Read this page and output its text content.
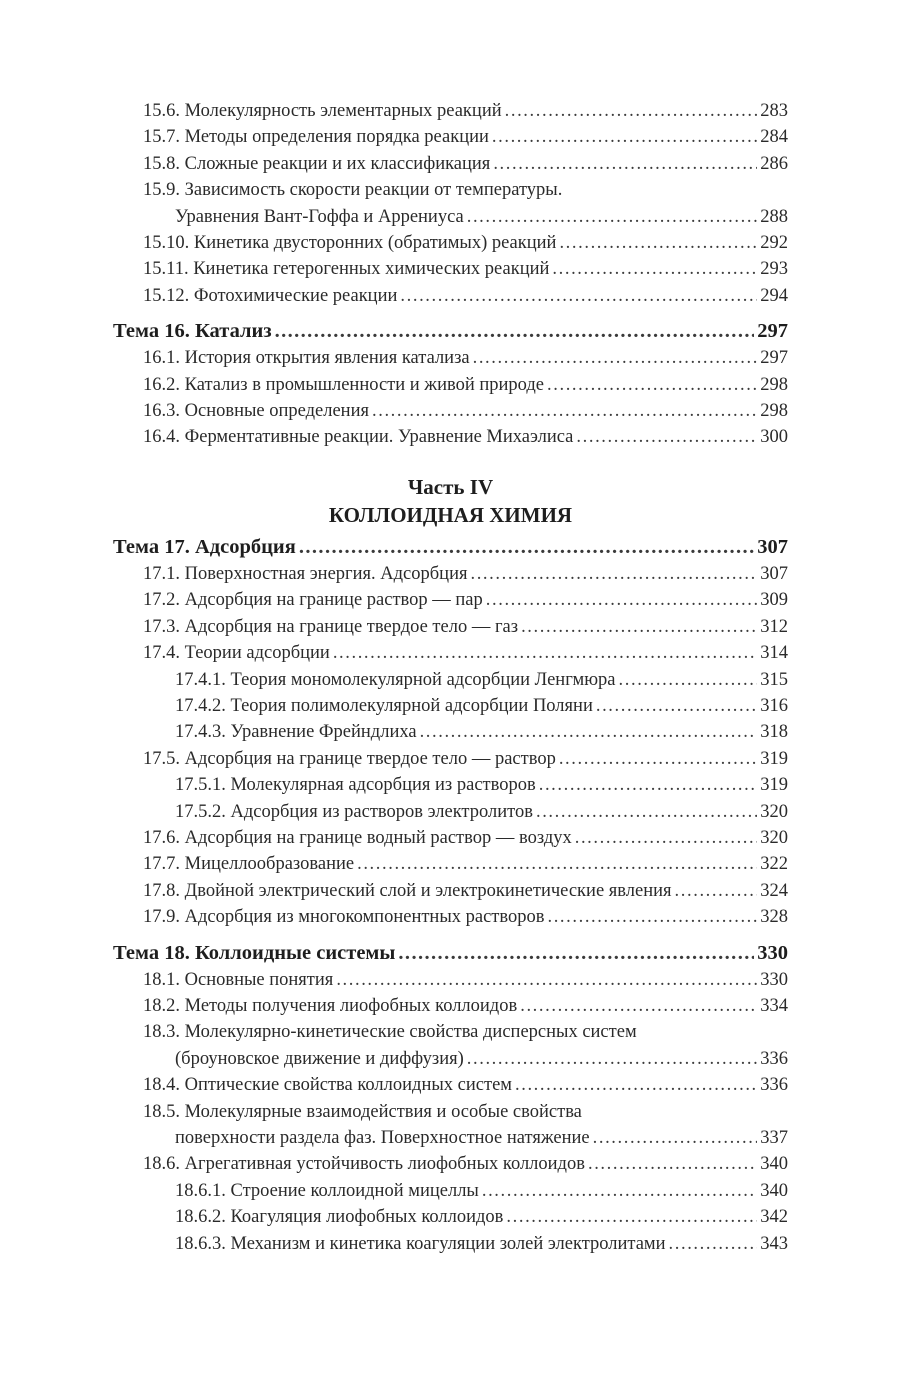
15.6. Молекулярность элементарных реакций .....	283
15.7. Методы определения порядка реакции .....	284
15.8. Сложные реакции и их классификация .....	286
15.9. Зависимость скорости реакции от температуры.
Уравнения Вант-Гоффа и Аррениуса .....	288
15.10. Кинетика двусторонних (обратимых) реакций .....	292
15.11. Кинетика гетерогенных химических реакций .....	293
15.12. Фотохимические реакции .....	294
Тема 16. Катализ .....	297
16.1. История открытия явления катализа .....	297
16.2. Катализ в промышленности и живой природе .....	298
16.3. Основные определения .....	298
16.4. Ферментативные реакции. Уравнение Михаэлиса .....	300
Часть IV
КОЛЛОИДНАЯ ХИМИЯ
Тема 17. Адсорбция .....	307
17.1. Поверхностная энергия. Адсорбция .....	307
17.2. Адсорбция на границе раствор — пар .....	309
17.3. Адсорбция на границе твердое тело — газ .....	312
17.4. Теории адсорбции .....	314
17.4.1. Теория мономолекулярной адсорбции Ленгмюра .....	315
17.4.2. Теория полимолекулярной адсорбции Поляни .....	316
17.4.3. Уравнение Фрейндлиха .....	318
17.5. Адсорбция на границе твердое тело — раствор .....	319
17.5.1. Молекулярная адсорбция из растворов .....	319
17.5.2. Адсорбция из растворов электролитов .....	320
17.6. Адсорбция на границе водный раствор — воздух .....	320
17.7. Мицеллообразование .....	322
17.8. Двойной электрический слой и электрокинетические явления .....	324
17.9. Адсорбция из многокомпонентных растворов .....	328
Тема 18. Коллоидные системы .....	330
18.1. Основные понятия .....	330
18.2. Методы получения лиофобных коллоидов .....	334
18.3. Молекулярно-кинетические свойства дисперсных систем
(броуновское движение и диффузия) .....	336
18.4. Оптические свойства коллоидных систем .....	336
18.5. Молекулярные взаимодействия и особые свойства
поверхности раздела фаз. Поверхностное натяжение .....	337
18.6. Агрегативная устойчивость лиофобных коллоидов .....	340
18.6.1. Строение коллоидной мицеллы .....	340
18.6.2. Коагуляция лиофобных коллоидов .....	342
18.6.3. Механизм и кинетика коагуляции золей электролитами .....	343
